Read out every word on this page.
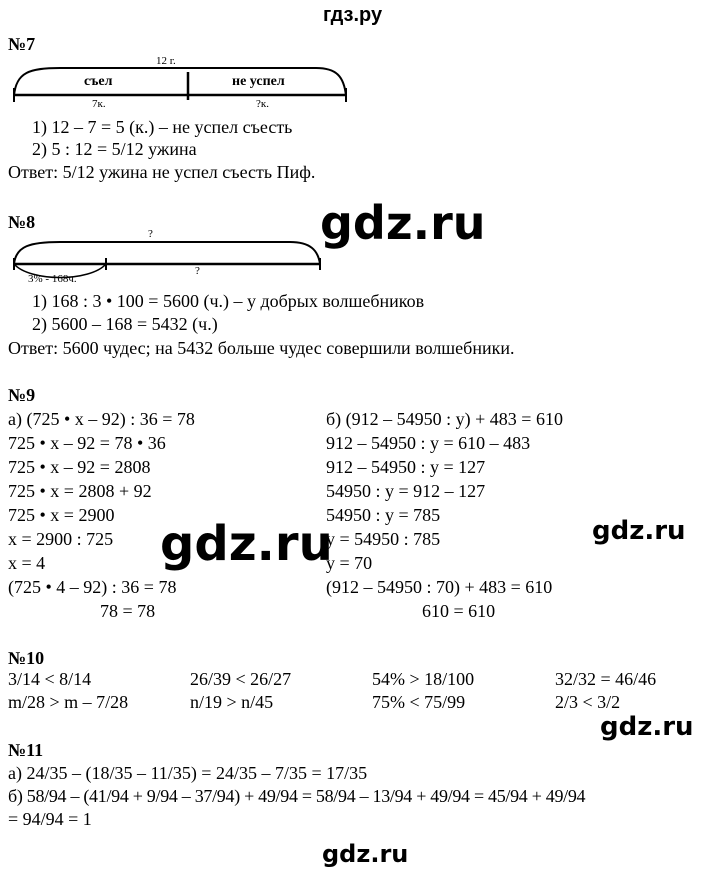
гдз.ру
№7
12 г.
съел	не успел
7к.	?к.
1) 12 – 7 = 5 (к.) – не успел съесть
2) 5 : 12 = 5/12 ужина
Ответ: 5/12 ужина не успел съесть Пиф.
№8	gdz.ru
?
3% - 168ч.
?
1) 168 : 3 • 100 = 5600 (ч.) – у добрых волшебников
2) 5600 – 168 = 5432 (ч.)
Ответ: 5600 чудес; на 5432 больше чудес совершили волшебники.
№9
а) (725 • x – 92) : 36 = 78
725 • x – 92 = 78 • 36
725 • x – 92 = 2808
725 • x = 2808 + 92
725 • x = 2900
x = 2900 : 725
x = 4
(725 • 4 – 92) : 36 = 78
78 = 78
б) (912 – 54950 : y) + 483 = 610
912 – 54950 : y = 610 – 483
912 – 54950 : y = 127
54950 : y = 912 – 127
54950 : y = 785
y = 54950 : 785
y = 70
(912 – 54950 : 70) + 483 = 610
610 = 610
gdz.ru	gdz.ru
№10
3/14 < 8/14	26/39 < 26/27	54% > 18/100	32/32 = 46/46
m/28 > m – 7/28	n/19 > n/45	75% < 75/99	2/3 < 3/2
gdz.ru
№11
а) 24/35 – (18/35 – 11/35) = 24/35 – 7/35 = 17/35
б) 58/94 – (41/94 + 9/94 – 37/94) + 49/94 = 58/94 – 13/94 + 49/94 = 45/94 + 49/94
= 94/94 = 1
gdz.ru
